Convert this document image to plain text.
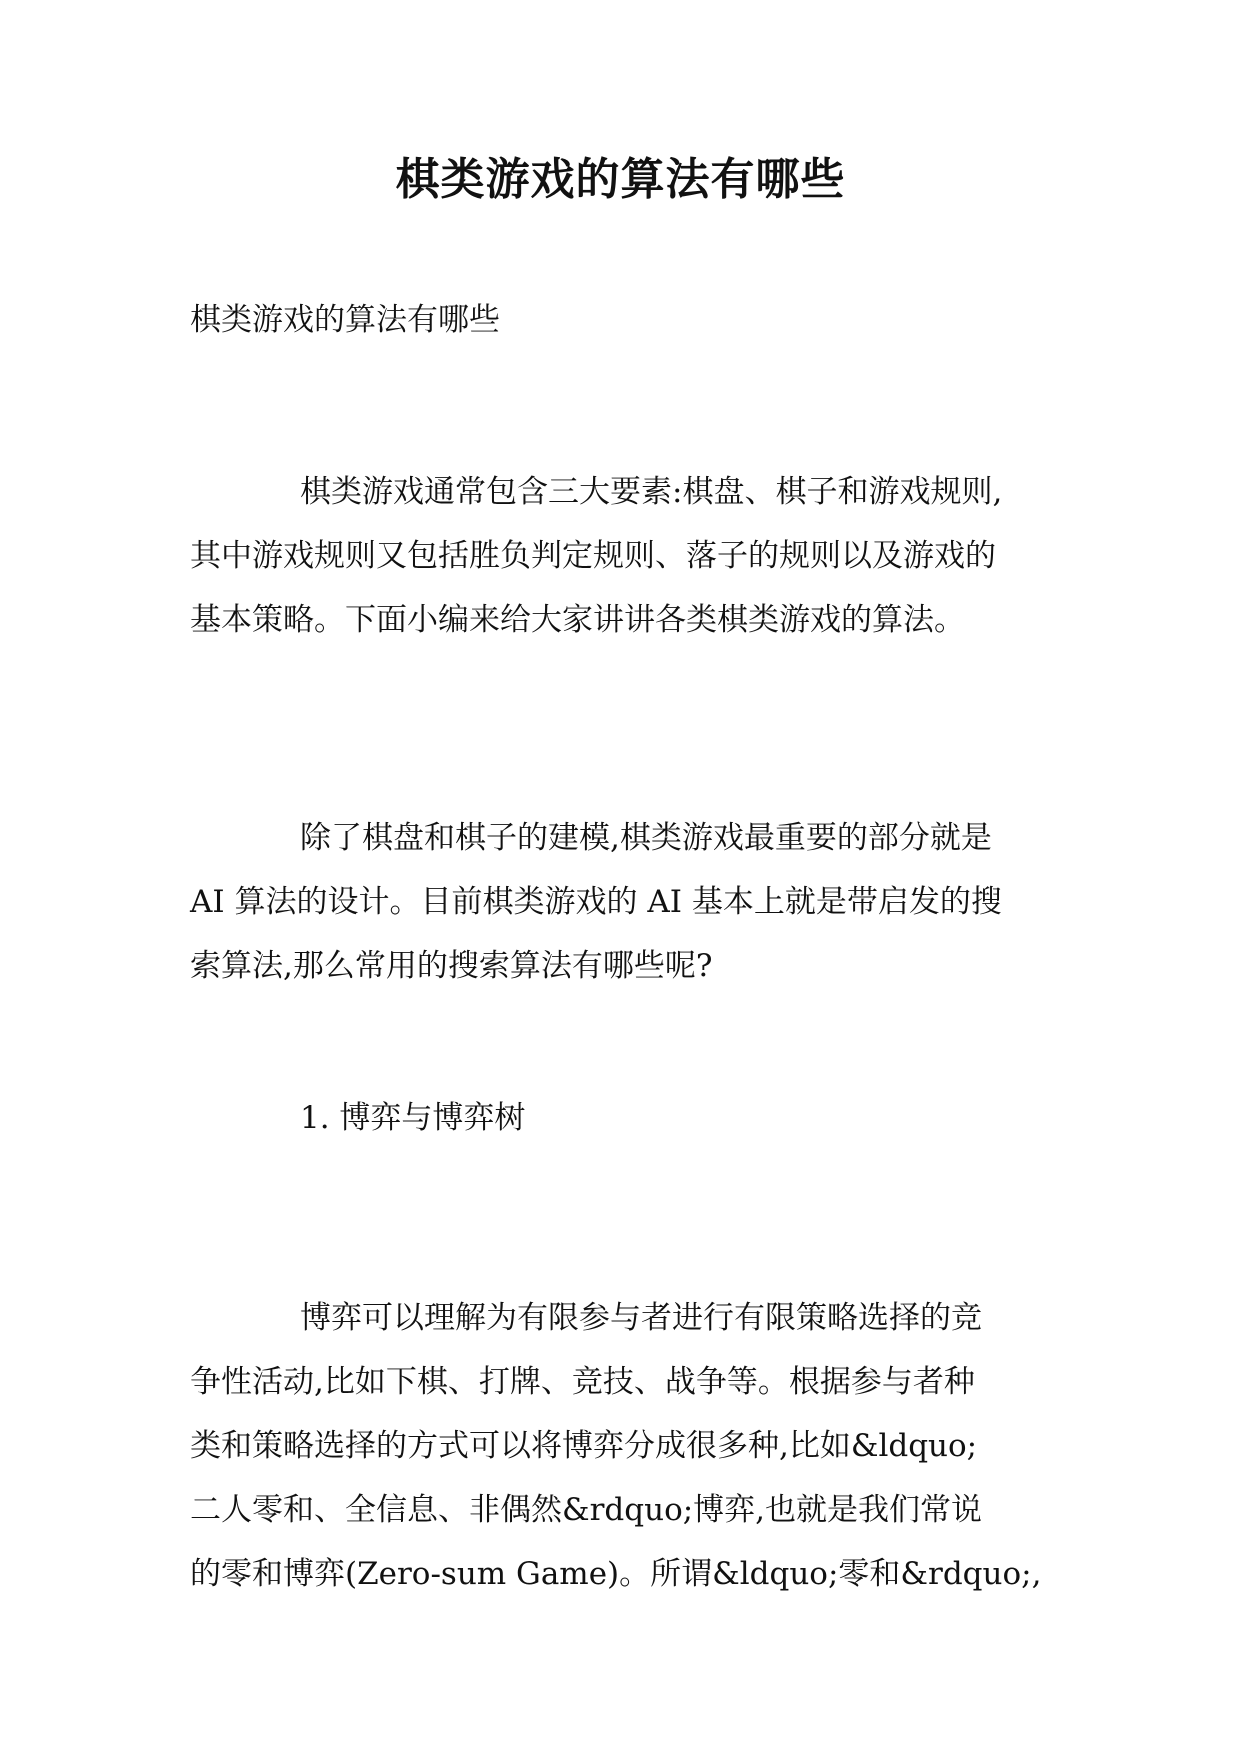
棋类游戏的算法有哪些

棋类游戏的算法有哪些

棋类游戏通常包含三大要素:棋盘、棋子和游戏规则,
其中游戏规则又包括胜负判定规则、落子的规则以及游戏的
基本策略。下面小编来给大家讲讲各类棋类游戏的算法。
除了棋盘和棋子的建模,棋类游戏最重要的部分就是
AI 算法的设计。目前棋类游戏的 AI 基本上就是带启发的搜
索算法,那么常用的搜索算法有哪些呢?
1. 博弈与博弈树
博弈可以理解为有限参与者进行有限策略选择的竞
争性活动,比如下棋、打牌、竞技、战争等。根据参与者种
类和策略选择的方式可以将博弈分成很多种,比如&ldquo;
二人零和、全信息、非偶然&rdquo;博弈,也就是我们常说
的零和博弈(Zero-sum Game)。所谓&ldquo;零和&rdquo;,
